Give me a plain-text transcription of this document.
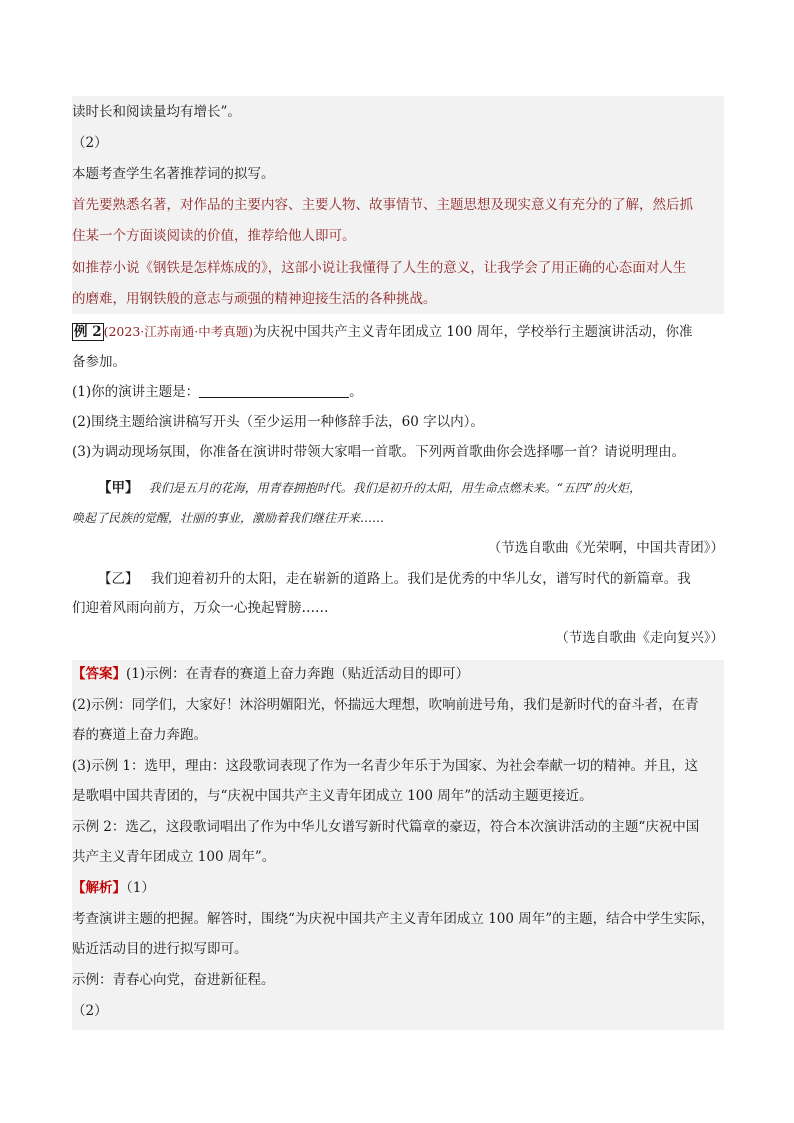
读时长和阅读量均有增长”。
（2）
本题考查学生名著推荐词的拟写。
首先要熟悉名著，对作品的主要内容、主要人物、故事情节、主题思想及现实意义有充分的了解，然后抓
住某一个方面谈阅读的价值，推荐给他人即可。
如推荐小说《钢铁是怎样炼成的》，这部小说让我懂得了人生的意义，让我学会了用正确的心态面对人生
的磨难，用钢铁般的意志与顽强的精神迎接生活的各种挑战。
例 2 (2023·江苏南通·中考真题)为庆祝中国共产主义青年团成立 100 周年，学校举行主题演讲活动，你准
备参加。
(1)你的演讲主题是：	。
(2)围绕主题给演讲稿写开头（至少运用一种修辞手法，60 字以内）。
(3)为调动现场氛围，你准备在演讲时带领大家唱一首歌。下列两首歌曲你会选择哪一首？请说明理由。
【甲】 我们是五月的花海，用青春拥抱时代。我们是初升的太阳，用生命点燃未来。“五四”的火炬，
唤起了民族的觉醒，壮丽的事业，激励着我们继往开来……
（节选自歌曲《光荣啊，中国共青团》）
【乙】 我们迎着初升的太阳，走在崭新的道路上。我们是优秀的中华儿女，谱写时代的新篇章。我
们迎着风雨向前方，万众一心挽起臂膀……
（节选自歌曲《走向复兴》）
【答案】(1)示例：在青春的赛道上奋力奔跑（贴近活动目的即可）
(2)示例：同学们，大家好！沐浴明媚阳光，怀揣远大理想，吹响前进号角，我们是新时代的奋斗者，在青
春的赛道上奋力奔跑。
(3)示例 1：选甲，理由：这段歌词表现了作为一名青少年乐于为国家、为社会奉献一切的精神。并且，这
是歌唱中国共青团的，与“庆祝中国共产主义青年团成立 100 周年”的活动主题更接近。
示例 2：选乙，这段歌词唱出了作为中华儿女谱写新时代篇章的豪迈，符合本次演讲活动的主题“庆祝中国
共产主义青年团成立 100 周年”。
【解析】（1）
考查演讲主题的把握。解答时，围绕“为庆祝中国共产主义青年团成立 100 周年”的主题，结合中学生实际，
贴近活动目的进行拟写即可。
示例：青春心向党，奋进新征程。
（2）
